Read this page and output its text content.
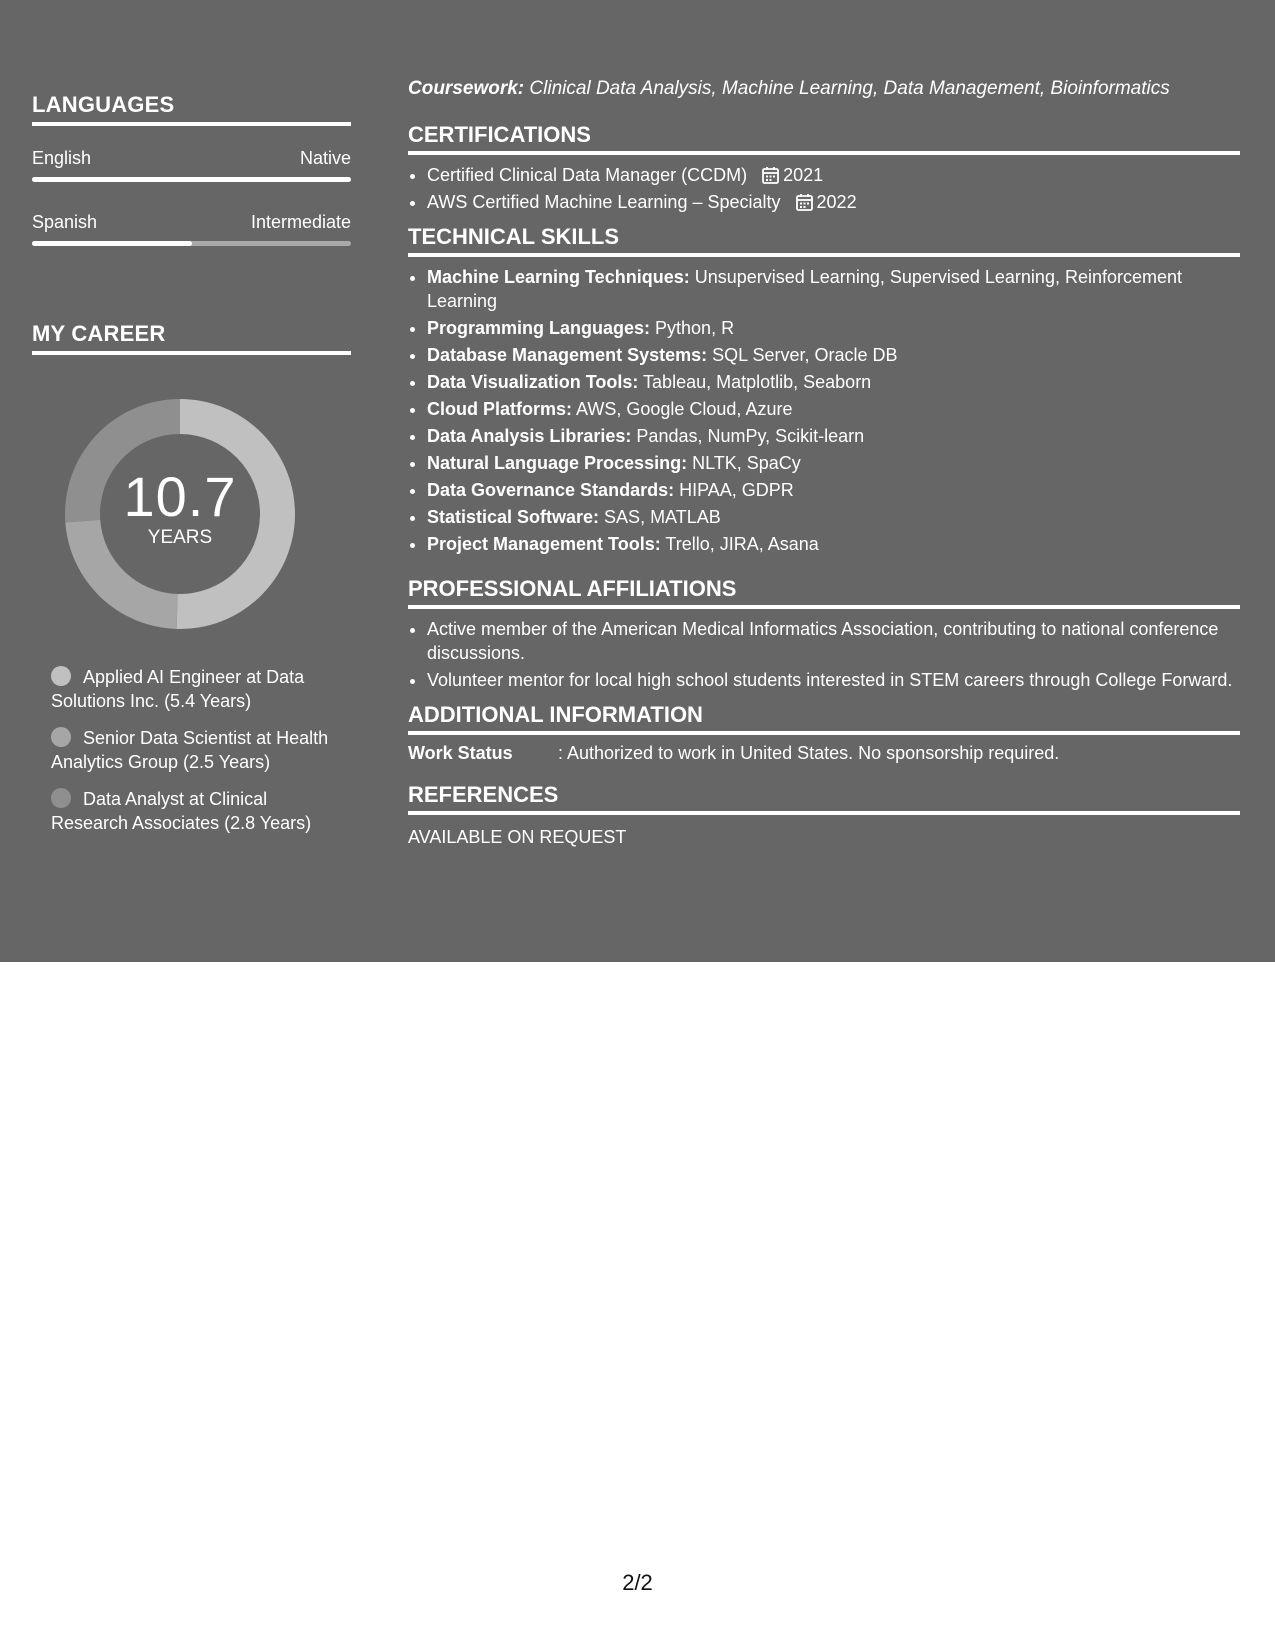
LANGUAGES
English	Native
Spanish	Intermediate
MY CAREER
10.7
YEARS
Applied AI Engineer at Data Solutions Inc. (5.4 Years)
Senior Data Scientist at Health Analytics Group (2.5 Years)
Data Analyst at Clinical Research Associates (2.8 Years)

Coursework: Clinical Data Analysis, Machine Learning, Data Management, Bioinformatics

CERTIFICATIONS
• Certified Clinical Data Manager (CCDM) 2021
• AWS Certified Machine Learning – Specialty 2022
TECHNICAL SKILLS
• Machine Learning Techniques: Unsupervised Learning, Supervised Learning, Reinforcement Learning
• Programming Languages: Python, R
• Database Management Systems: SQL Server, Oracle DB
• Data Visualization Tools: Tableau, Matplotlib, Seaborn
• Cloud Platforms: AWS, Google Cloud, Azure
• Data Analysis Libraries: Pandas, NumPy, Scikit-learn
• Natural Language Processing: NLTK, SpaCy
• Data Governance Standards: HIPAA, GDPR
• Statistical Software: SAS, MATLAB
• Project Management Tools: Trello, JIRA, Asana
PROFESSIONAL AFFILIATIONS
• Active member of the American Medical Informatics Association, contributing to national conference discussions.
• Volunteer mentor for local high school students interested in STEM careers through College Forward.
ADDITIONAL INFORMATION
Work Status	: Authorized to work in United States. No sponsorship required.
REFERENCES

AVAILABLE ON REQUEST

2/2
